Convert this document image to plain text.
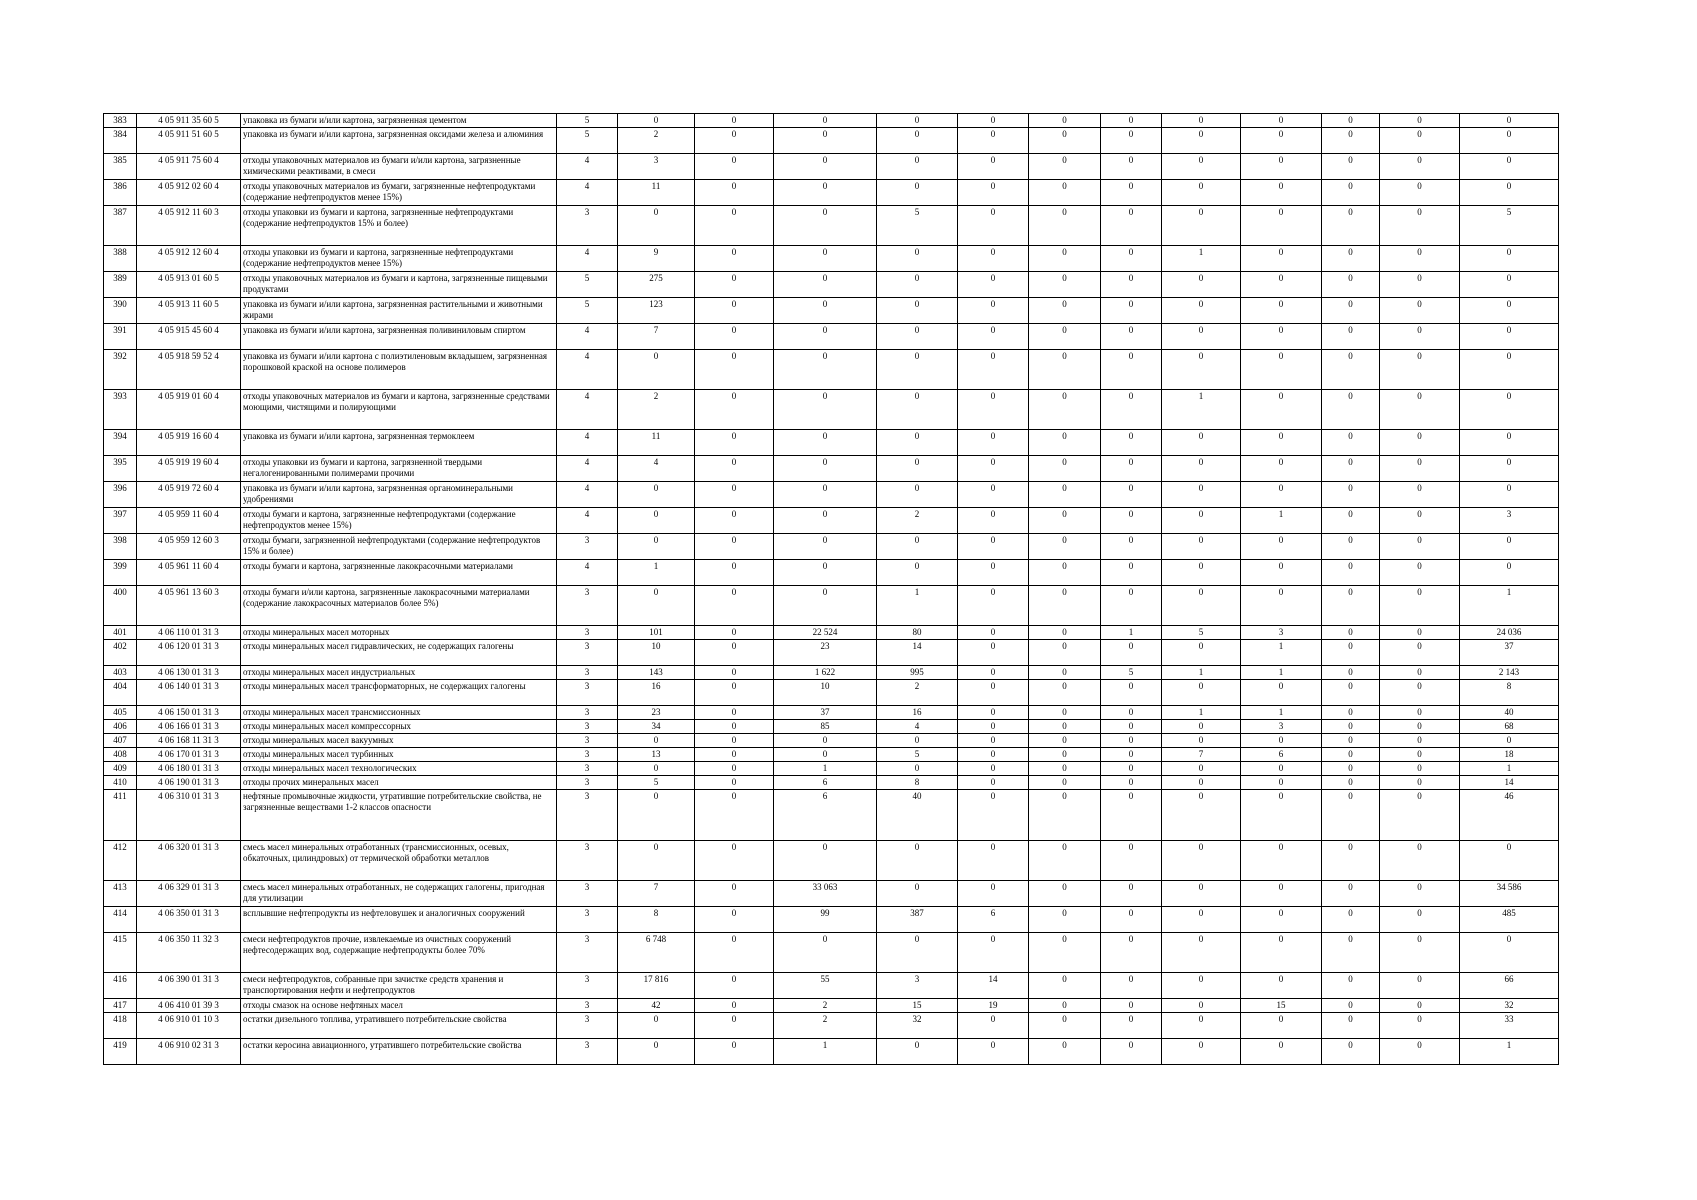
383	4 05 911 35 60 5	упаковка из бумаги и/или картона, загрязненная цементом	5	0	0	0	0	0	0	0	0	0	0	0	0
384	4 05 911 51 60 5	упаковка из бумаги и/или картона, загрязненная оксидами железа и алюминия	5	2	0	0	0	0	0	0	0	0	0	0	0
385	4 05 911 75 60 4	отходы упаковочных материалов из бумаги и/или картона, загрязненные химическими реактивами, в смеси	4	3	0	0	0	0	0	0	0	0	0	0	0
386	4 05 912 02 60 4	отходы упаковочных материалов из бумаги, загрязненные нефтепродуктами (содержание нефтепродуктов менее 15%)	4	11	0	0	0	0	0	0	0	0	0	0	0
387	4 05 912 11 60 3	отходы упаковки из бумаги и картона, загрязненные нефтепродуктами (содержание нефтепродуктов 15% и более)	3	0	0	0	5	0	0	0	0	0	0	0	5
388	4 05 912 12 60 4	отходы упаковки из бумаги и картона, загрязненные нефтепродуктами (содержание нефтепродуктов менее 15%)	4	9	0	0	0	0	0	0	1	0	0	0	0
389	4 05 913 01 60 5	отходы упаковочных материалов из бумаги и картона, загрязненные пищевыми продуктами	5	275	0	0	0	0	0	0	0	0	0	0	0
390	4 05 913 11 60 5	упаковка из бумаги и/или картона, загрязненная растительными и животными жирами	5	123	0	0	0	0	0	0	0	0	0	0	0
391	4 05 915 45 60 4	упаковка из бумаги и/или картона, загрязненная поливиниловым спиртом	4	7	0	0	0	0	0	0	0	0	0	0	0
392	4 05 918 59 52 4	упаковка из бумаги и/или картона с полиэтиленовым вкладышем, загрязненная порошковой краской на основе полимеров	4	0	0	0	0	0	0	0	0	0	0	0	0
393	4 05 919 01 60 4	отходы упаковочных материалов из бумаги и картона, загрязненные средствами моющими, чистящими и полирующими	4	2	0	0	0	0	0	0	1	0	0	0	0
394	4 05 919 16 60 4	упаковка из бумаги и/или картона, загрязненная термоклеем	4	11	0	0	0	0	0	0	0	0	0	0	0
395	4 05 919 19 60 4	отходы упаковки из бумаги и картона, загрязненной твердыми негалогенированными полимерами прочими	4	4	0	0	0	0	0	0	0	0	0	0	0
396	4 05 919 72 60 4	упаковка из бумаги и/или картона, загрязненная органоминеральными удобрениями	4	0	0	0	0	0	0	0	0	0	0	0	0
397	4 05 959 11 60 4	отходы бумаги и картона, загрязненные нефтепродуктами (содержание нефтепродуктов менее 15%)	4	0	0	0	2	0	0	0	0	1	0	0	3
398	4 05 959 12 60 3	отходы бумаги, загрязненной нефтепродуктами (содержание нефтепродуктов 15% и более)	3	0	0	0	0	0	0	0	0	0	0	0	0
399	4 05 961 11 60 4	отходы бумаги и картона, загрязненные лакокрасочными материалами	4	1	0	0	0	0	0	0	0	0	0	0	0
400	4 05 961 13 60 3	отходы бумаги и/или картона, загрязненные лакокрасочными материалами (содержание лакокрасочных материалов более 5%)	3	0	0	0	1	0	0	0	0	0	0	0	1
401	4 06 110 01 31 3	отходы минеральных масел моторных	3	101	0	22 524	80	0	0	1	5	3	0	0	24 036
402	4 06 120 01 31 3	отходы минеральных масел гидравлических, не содержащих галогены	3	10	0	23	14	0	0	0	0	1	0	0	37
403	4 06 130 01 31 3	отходы минеральных масел индустриальных	3	143	0	1 622	995	0	0	5	1	1	0	0	2 143
404	4 06 140 01 31 3	отходы минеральных масел трансформаторных, не содержащих галогены	3	16	0	10	2	0	0	0	0	0	0	0	8
405	4 06 150 01 31 3	отходы минеральных масел трансмиссионных	3	23	0	37	16	0	0	0	1	1	0	0	40
406	4 06 166 01 31 3	отходы минеральных масел компрессорных	3	34	0	85	4	0	0	0	0	3	0	0	68
407	4 06 168 11 31 3	отходы минеральных масел вакуумных	3	0	0	0	0	0	0	0	0	0	0	0	0
408	4 06 170 01 31 3	отходы минеральных масел турбинных	3	13	0	0	5	0	0	0	7	6	0	0	18
409	4 06 180 01 31 3	отходы минеральных масел технологических	3	0	0	1	0	0	0	0	0	0	0	0	1
410	4 06 190 01 31 3	отходы прочих минеральных масел	3	5	0	6	8	0	0	0	0	0	0	0	14
411	4 06 310 01 31 3	нефтяные промывочные жидкости, утратившие потребительские свойства, не загрязненные веществами 1-2 классов опасности	3	0	0	6	40	0	0	0	0	0	0	0	46
412	4 06 320 01 31 3	смесь масел минеральных отработанных (трансмиссионных, осевых, обкаточных, цилиндровых) от термической обработки металлов	3	0	0	0	0	0	0	0	0	0	0	0	0
413	4 06 329 01 31 3	смесь масел минеральных отработанных, не содержащих галогены, пригодная для утилизации	3	7	0	33 063	0	0	0	0	0	0	0	0	34 586
414	4 06 350 01 31 3	всплывшие нефтепродукты из нефтеловушек и аналогичных сооружений	3	8	0	99	387	6	0	0	0	0	0	0	485
415	4 06 350 11 32 3	смеси нефтепродуктов прочие, извлекаемые из очистных сооружений нефтесодержащих вод, содержащие нефтепродукты более 70%	3	6 748	0	0	0	0	0	0	0	0	0	0	0
416	4 06 390 01 31 3	смеси нефтепродуктов, собранные при зачистке средств хранения и транспортирования нефти и нефтепродуктов	3	17 816	0	55	3	14	0	0	0	0	0	0	66
417	4 06 410 01 39 3	отходы смазок на основе нефтяных масел	3	42	0	2	15	19	0	0	0	15	0	0	32
418	4 06 910 01 10 3	остатки дизельного топлива, утратившего потребительские свойства	3	0	0	2	32	0	0	0	0	0	0	0	33
419	4 06 910 02 31 3	остатки керосина авиационного, утратившего потребительские свойства	3	0	0	1	0	0	0	0	0	0	0	0	1
